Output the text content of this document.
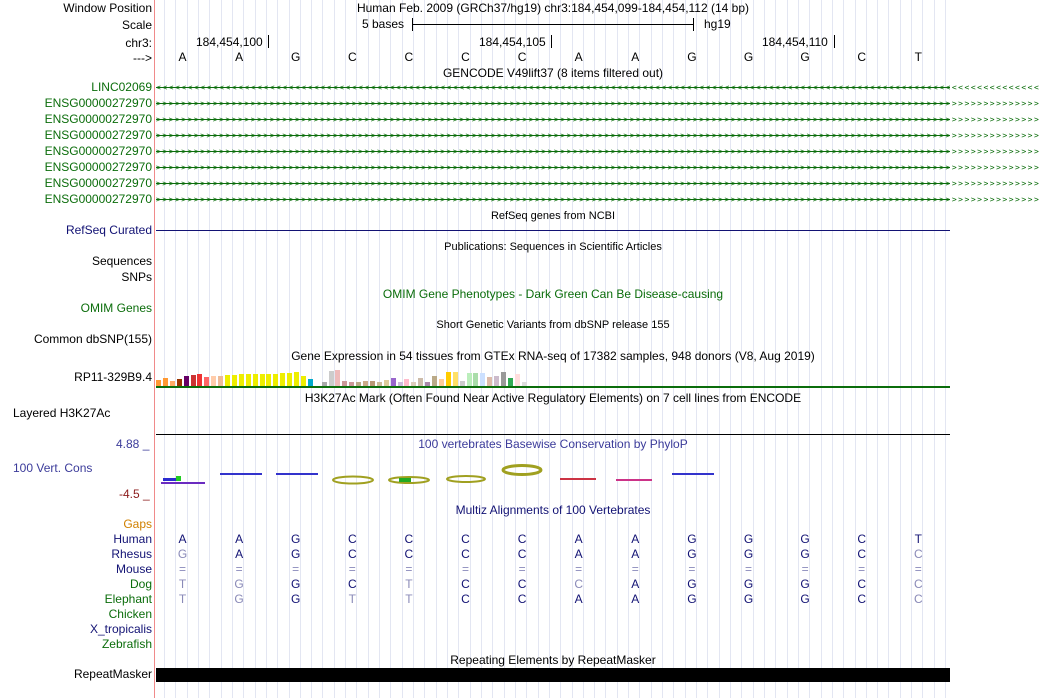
Window Position	Human Feb. 2009 (GRCh37/hg19) chr3:184,454,099-184,454,112 (14 bp)
Scale	5 bases	hg19
chr3:	184,454,100	184,454,105	184,454,110
--->	A	A	G	C	C	C	C	A	A	G	G	G	C	T
GENCODE V49lift37 (8 items filtered out)
LINC02069 <<<<<<<<<<<<<<<<<<<<<<<<<<<<<<<<<<<<<<<<<<<<<<<<<<<<<<<<<<<<<<<<<<<<<<<<<<<<<<<<<<<<<<<<<<<<<<<<<<<<<<<<<<<<<<<<<<<<<<<<<<<<<<<<<<<<<<<<<<<<
ENSG00000272970 >>>>>>>>>>>>>>>>>>>>>>>>>>>>>>>>>>>>>>>>>>>>>>>>>>>>>>>>>>>>>>>>>>>>>>>>>>>>>>>>>>>>>>>>>>>>>>>>>>>>>>>>>>>>>>>>>>>>>>>>>>>>>>>>>>>>>>>>>>>>
ENSG00000272970 >>>>>>>>>>>>>>>>>>>>>>>>>>>>>>>>>>>>>>>>>>>>>>>>>>>>>>>>>>>>>>>>>>>>>>>>>>>>>>>>>>>>>>>>>>>>>>>>>>>>>>>>>>>>>>>>>>>>>>>>>>>>>>>>>>>>>>>>>>>>
ENSG00000272970 >>>>>>>>>>>>>>>>>>>>>>>>>>>>>>>>>>>>>>>>>>>>>>>>>>>>>>>>>>>>>>>>>>>>>>>>>>>>>>>>>>>>>>>>>>>>>>>>>>>>>>>>>>>>>>>>>>>>>>>>>>>>>>>>>>>>>>>>>>>>
ENSG00000272970 >>>>>>>>>>>>>>>>>>>>>>>>>>>>>>>>>>>>>>>>>>>>>>>>>>>>>>>>>>>>>>>>>>>>>>>>>>>>>>>>>>>>>>>>>>>>>>>>>>>>>>>>>>>>>>>>>>>>>>>>>>>>>>>>>>>>>>>>>>>>
ENSG00000272970 >>>>>>>>>>>>>>>>>>>>>>>>>>>>>>>>>>>>>>>>>>>>>>>>>>>>>>>>>>>>>>>>>>>>>>>>>>>>>>>>>>>>>>>>>>>>>>>>>>>>>>>>>>>>>>>>>>>>>>>>>>>>>>>>>>>>>>>>>>>>
ENSG00000272970 >>>>>>>>>>>>>>>>>>>>>>>>>>>>>>>>>>>>>>>>>>>>>>>>>>>>>>>>>>>>>>>>>>>>>>>>>>>>>>>>>>>>>>>>>>>>>>>>>>>>>>>>>>>>>>>>>>>>>>>>>>>>>>>>>>>>>>>>>>>>
ENSG00000272970 >>>>>>>>>>>>>>>>>>>>>>>>>>>>>>>>>>>>>>>>>>>>>>>>>>>>>>>>>>>>>>>>>>>>>>>>>>>>>>>>>>>>>>>>>>>>>>>>>>>>>>>>>>>>>>>>>>>>>>>>>>>>>>>>>>>>>>>>>>>>
RefSeq genes from NCBI
RefSeq Curated
Publications: Sequences in Scientific Articles
Sequences
SNPs
OMIM Gene Phenotypes - Dark Green Can Be Disease-causing
OMIM Genes
Short Genetic Variants from dbSNP release 155
Common dbSNP(155)
Gene Expression in 54 tissues from GTEx RNA-seq of 17382 samples, 948 donors (V8, Aug 2019)
RP11-329B9.4
H3K27Ac Mark (Often Found Near Active Regulatory Elements) on 7 cell lines from ENCODE
Layered H3K27Ac
100 vertebrates Basewise Conservation by PhyloP
4.88 _
100 Vert. Cons
-4.5 _
Multiz Alignments of 100 Vertebrates
Gaps
Human	A	A	G	C	C	C	C	A	A	G	G	G	C	T
Rhesus	G	A	G	C	C	C	C	A	A	G	G	G	C	C
Mouse	=	=	=	=	=	=	=	=	=	=	=	=	=	=
Dog	T	G	G	C	T	C	C	C	A	G	G	G	C	C
Elephant	T	G	G	T	T	C	C	A	A	G	G	G	C	C
Chicken
X_tropicalis
Zebrafish
Repeating Elements by RepeatMasker
RepeatMasker
